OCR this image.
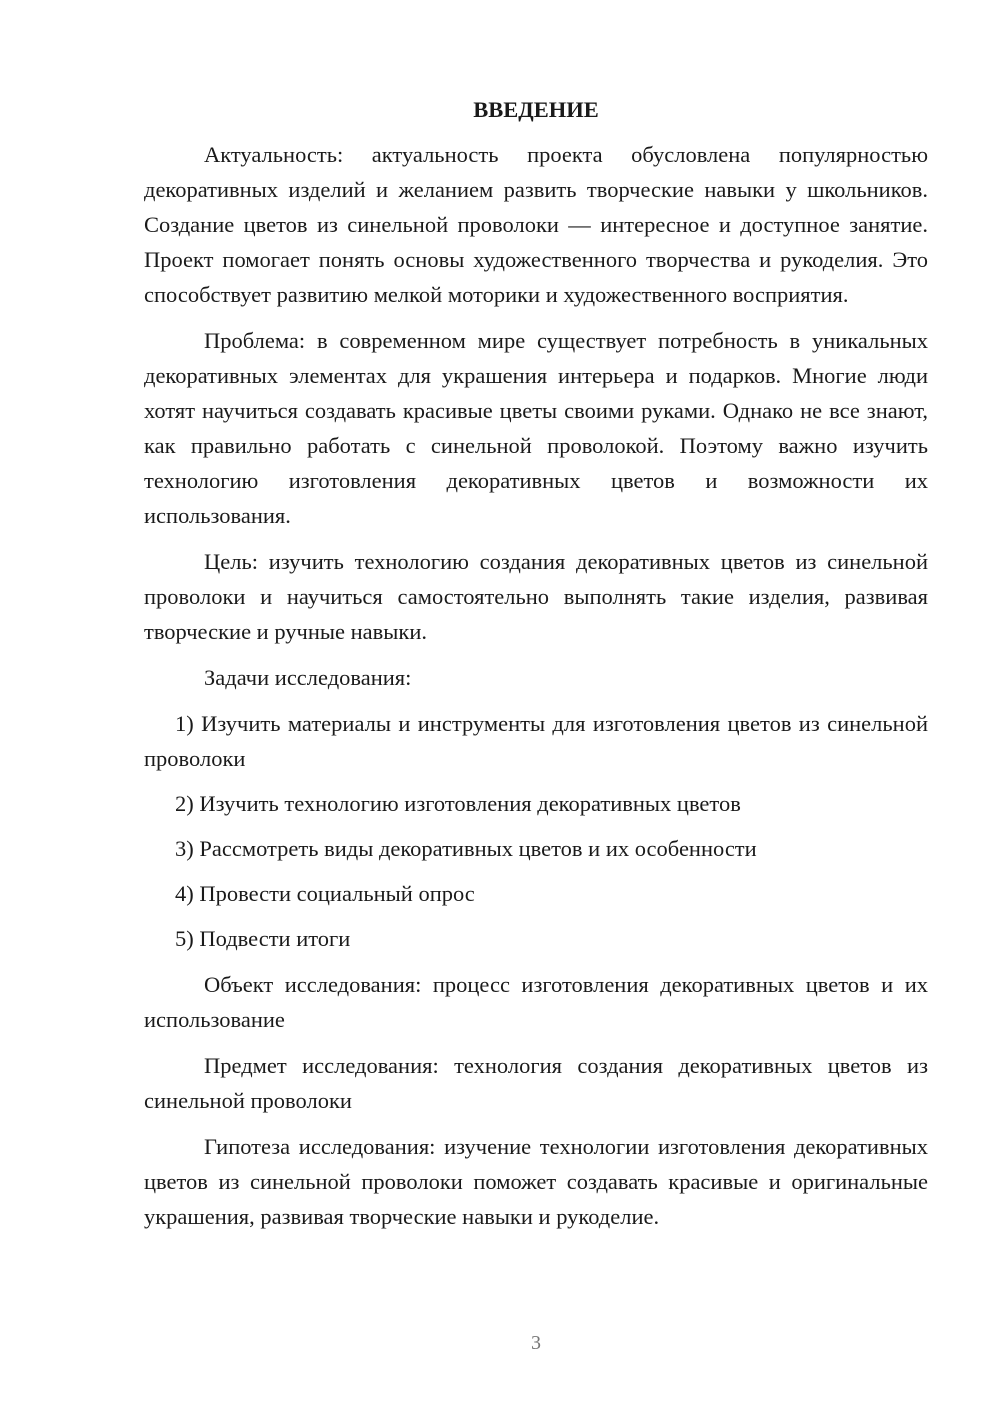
ВВЕДЕНИЕ

Актуальность: актуальность проекта обусловлена популярностью декоративных изделий и желанием развить творческие навыки у школьников. Создание цветов из синельной проволоки — интересное и доступное занятие. Проект помогает понять основы художественного творчества и рукоделия. Это способствует развитию мелкой моторики и художественного восприятия.

Проблема: в современном мире существует потребность в уникальных декоративных элементах для украшения интерьера и подарков. Многие люди хотят научиться создавать красивые цветы своими руками. Однако не все знают, как правильно работать с синельной проволокой. Поэтому важно изучить технологию изготовления декоративных цветов и возможности их использования.

Цель: изучить технологию создания декоративных цветов из синельной проволоки и научиться самостоятельно выполнять такие изделия, развивая творческие и ручные навыки.

Задачи исследования:

1) Изучить материалы и инструменты для изготовления цветов из синельной проволоки
2) Изучить технологию изготовления декоративных цветов
3) Рассмотреть виды декоративных цветов и их особенности
4) Провести социальный опрос
5) Подвести итоги

Объект исследования: процесс изготовления декоративных цветов и их использование

Предмет исследования: технология создания декоративных цветов из синельной проволоки

Гипотеза исследования: изучение технологии изготовления декоративных цветов из синельной проволоки поможет создавать красивые и оригинальные украшения, развивая творческие навыки и рукоделие.

3
